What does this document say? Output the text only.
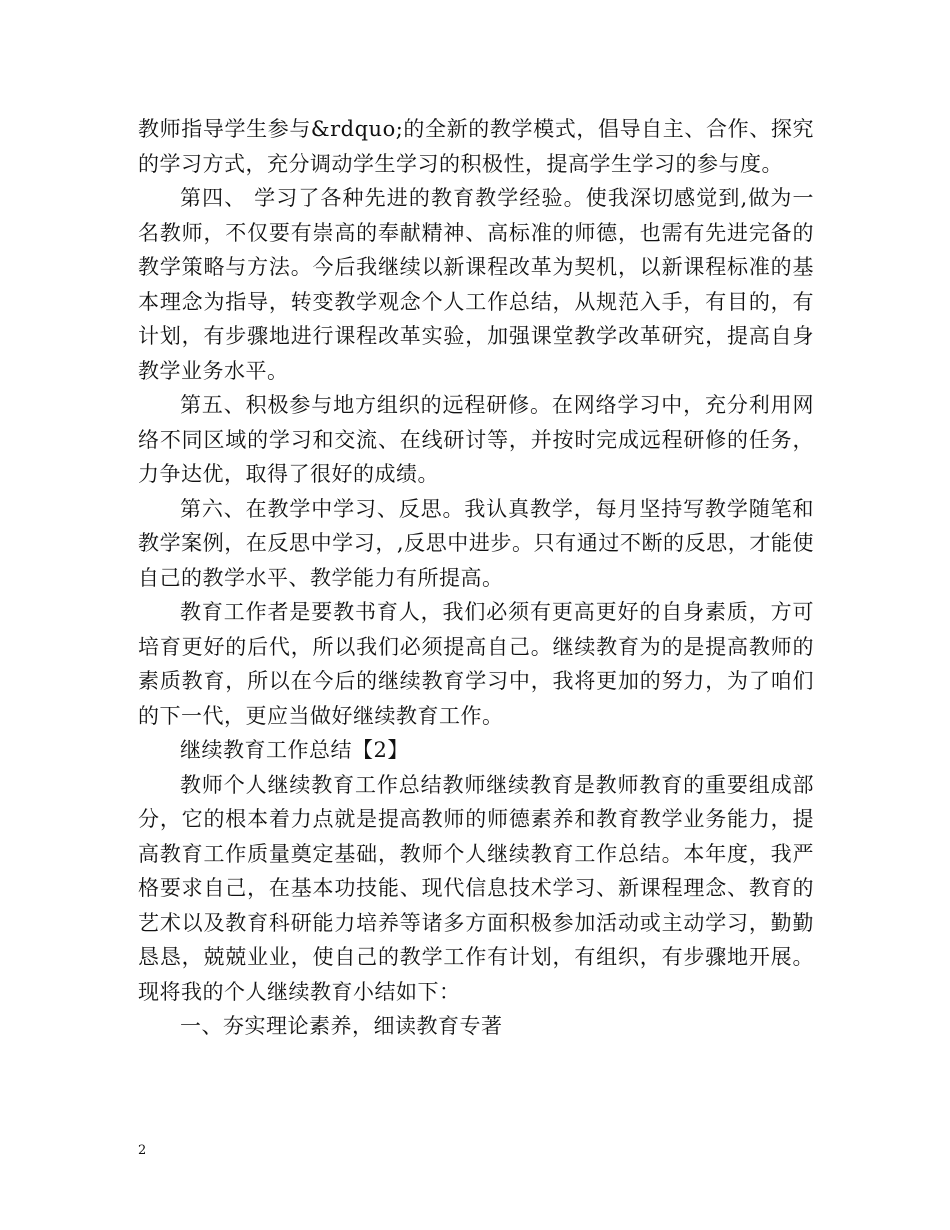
教师指导学生参与&rdquo;的全新的教学模式，倡导自主、合作、探究的学习方式，充分调动学生学习的积极性，提高学生学习的参与度。

第四、 学习了各种先进的教育教学经验。使我深切感觉到,做为一名教师，不仅要有崇高的奉献精神、高标准的师德，也需有先进完备的教学策略与方法。今后我继续以新课程改革为契机，以新课程标准的基本理念为指导，转变教学观念个人工作总结，从规范入手，有目的，有计划，有步骤地进行课程改革实验，加强课堂教学改革研究，提高自身教学业务水平。

第五、积极参与地方组织的远程研修。在网络学习中，充分利用网络不同区域的学习和交流、在线研讨等，并按时完成远程研修的任务，力争达优，取得了很好的成绩。

第六、在教学中学习、反思。我认真教学，每月坚持写教学随笔和教学案例，在反思中学习，,反思中进步。只有通过不断的反思，才能使自己的教学水平、教学能力有所提高。

教育工作者是要教书育人，我们必须有更高更好的自身素质，方可培育更好的后代，所以我们必须提高自己。继续教育为的是提高教师的素质教育，所以在今后的继续教育学习中，我将更加的努力，为了咱们的下一代，更应当做好继续教育工作。

继续教育工作总结【2】

教师个人继续教育工作总结教师继续教育是教师教育的重要组成部分，它的根本着力点就是提高教师的师德素养和教育教学业务能力，提高教育工作质量奠定基础，教师个人继续教育工作总结。本年度，我严格要求自己，在基本功技能、现代信息技术学习、新课程理念、教育的艺术以及教育科研能力培养等诸多方面积极参加活动或主动学习，勤勤恳恳，兢兢业业，使自己的教学工作有计划，有组织，有步骤地开展。现将我的个人继续教育小结如下：

一、夯实理论素养，细读教育专著

2
